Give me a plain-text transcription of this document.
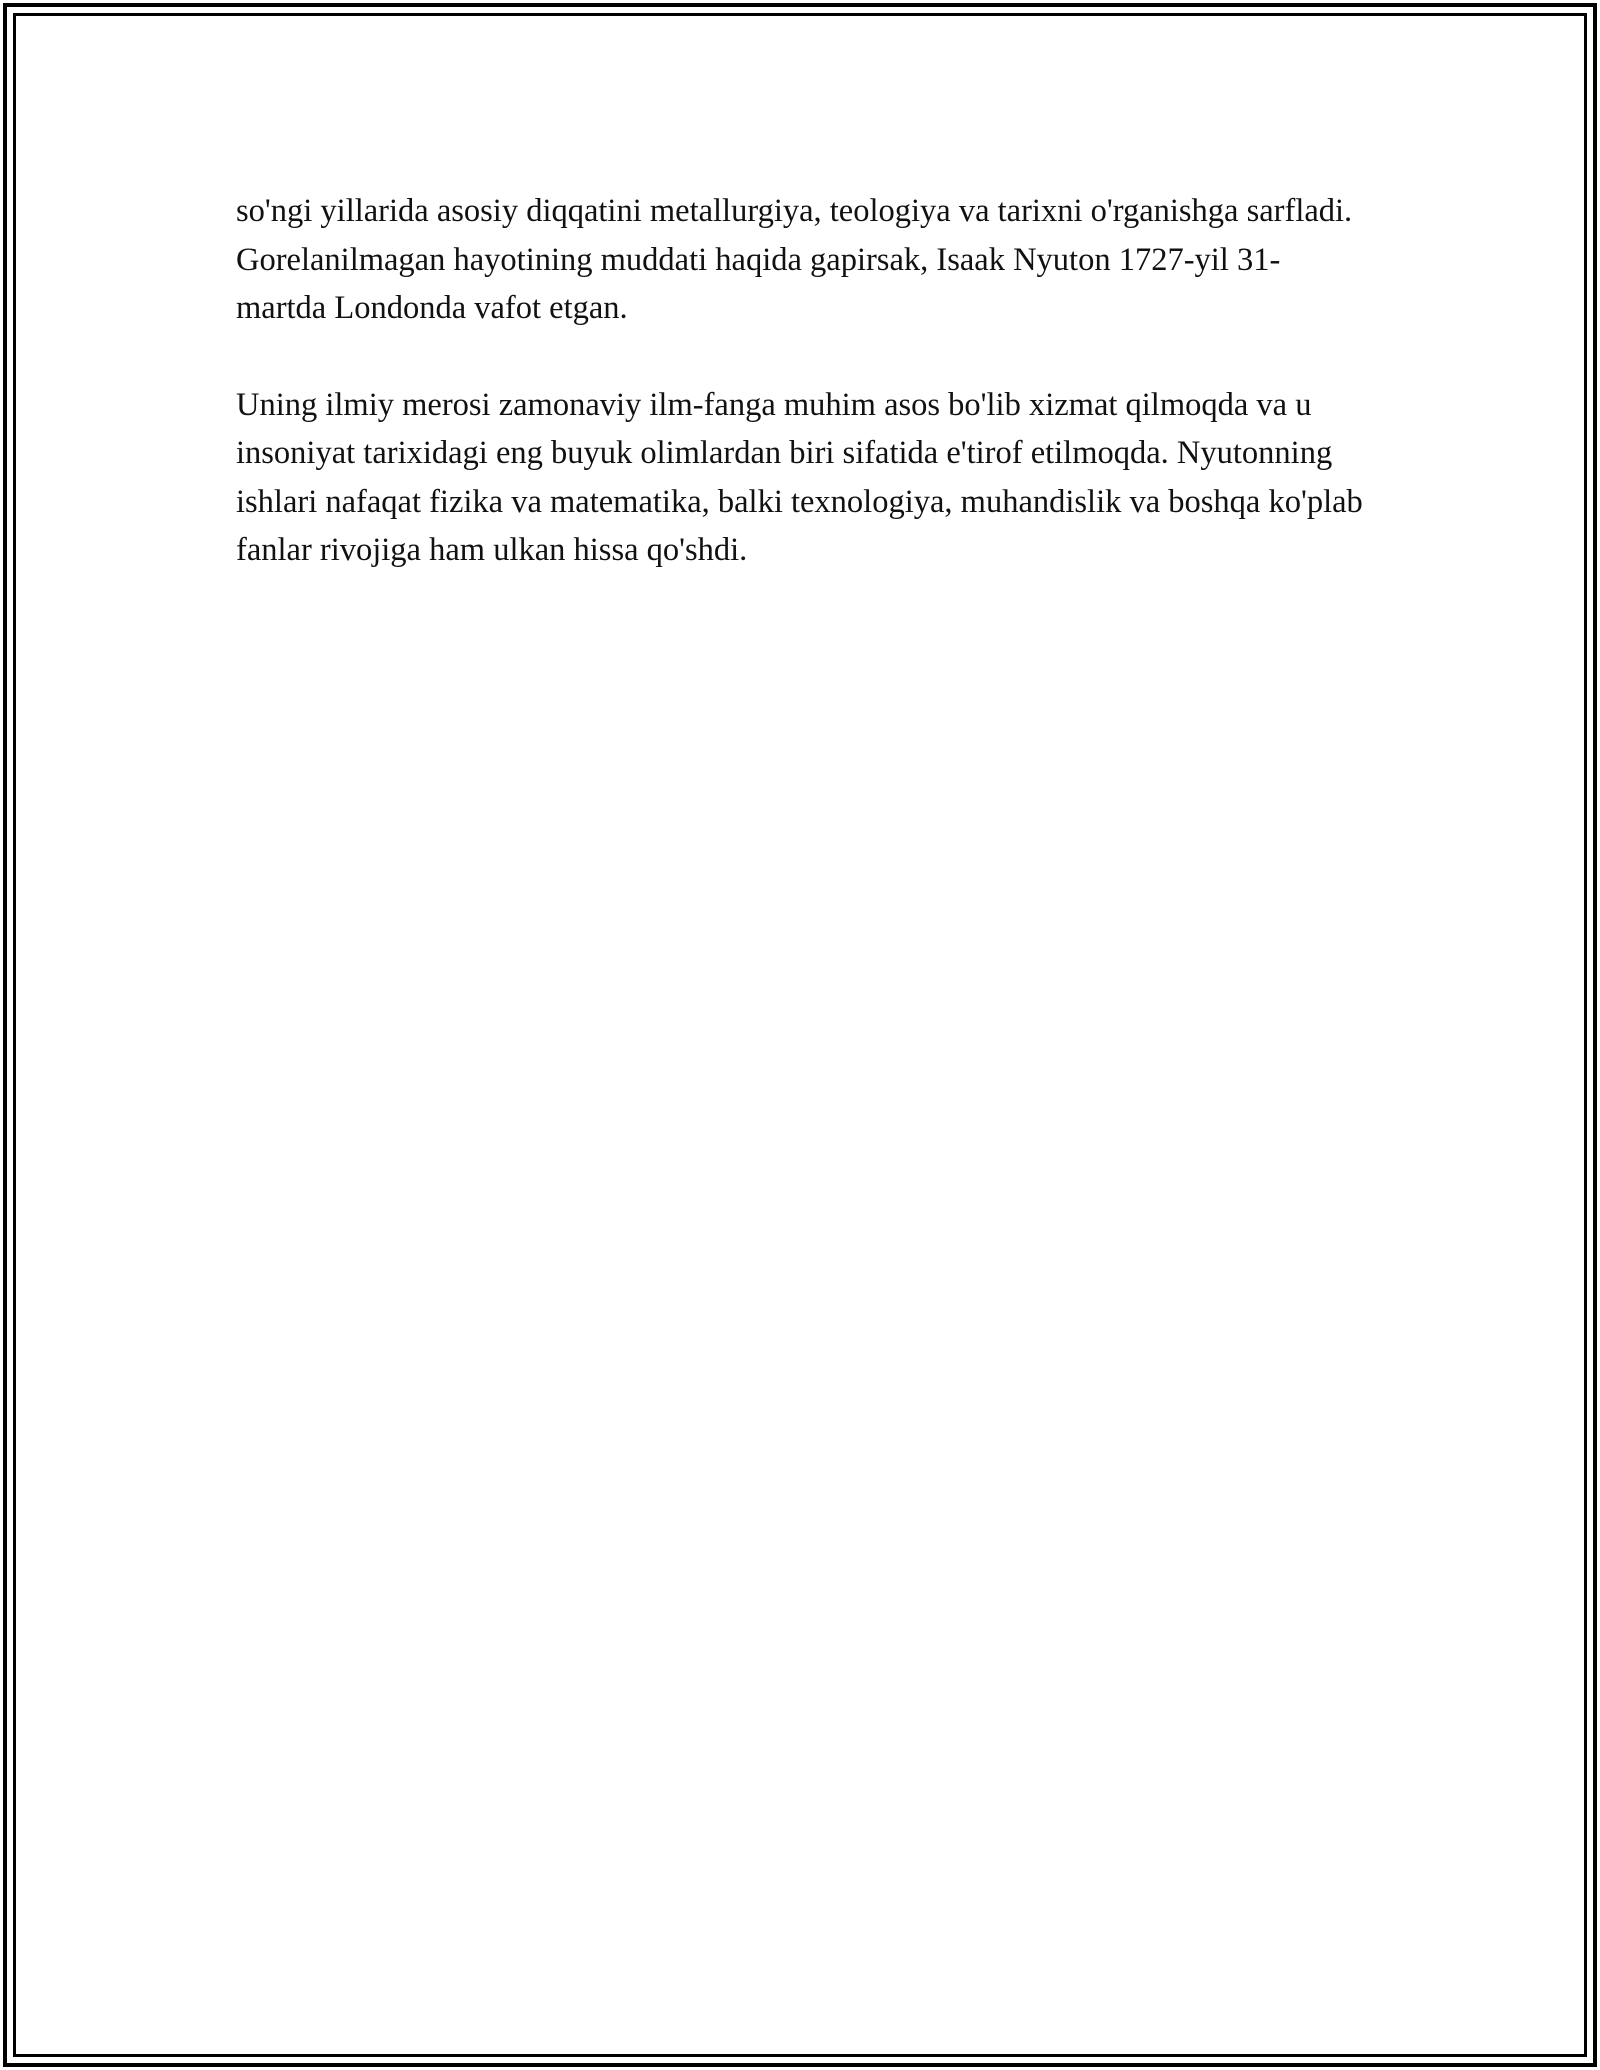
so'ngi yillarida asosiy diqqatini metallurgiya, teologiya va tarixni o'rganishga sarfladi. Gorelanilmagan hayotining muddati haqida gapirsak, Isaak Nyuton 1727-yil 31-martda Londonda vafot etgan.

Uning ilmiy merosi zamonaviy ilm-fanga muhim asos bo'lib xizmat qilmoqda va u insoniyat tarixidagi eng buyuk olimlardan biri sifatida e'tirof etilmoqda. Nyutonning ishlari nafaqat fizika va matematika, balki texnologiya, muhandislik va boshqa ko'plab fanlar rivojiga ham ulkan hissa qo'shdi.
